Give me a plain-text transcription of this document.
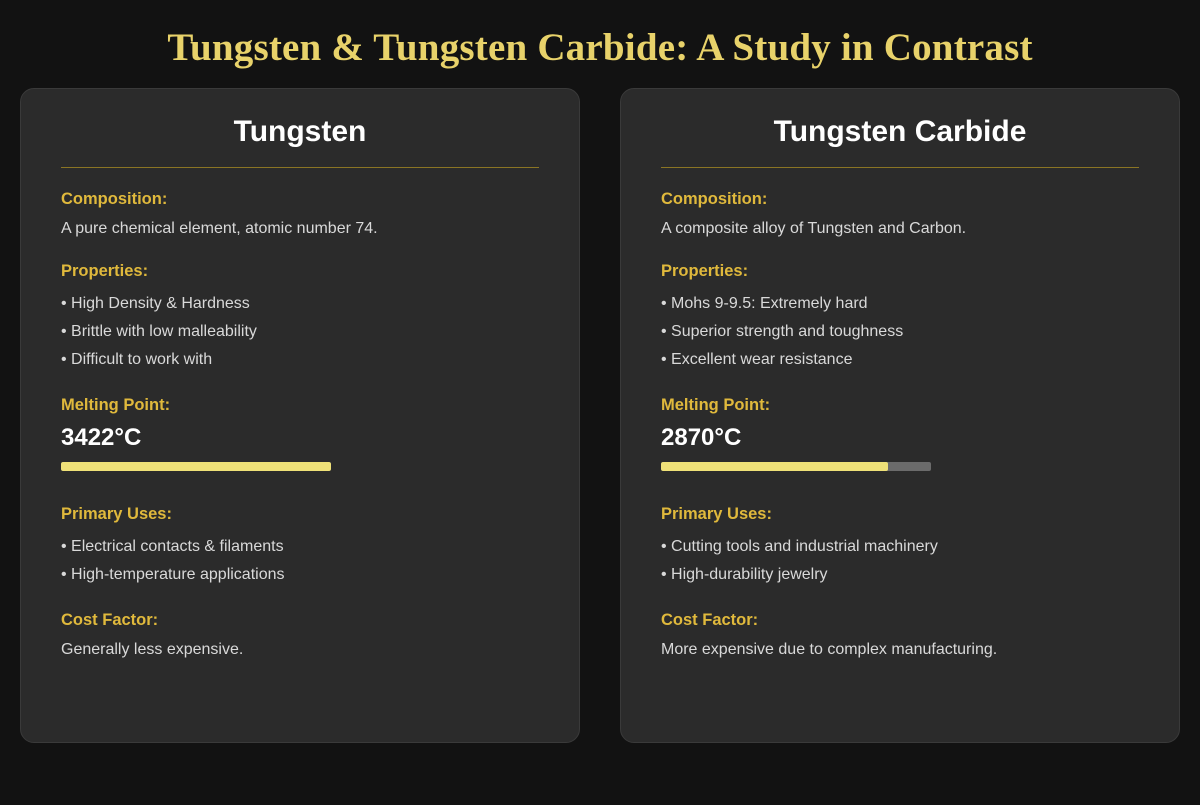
Tungsten & Tungsten Carbide: A Study in Contrast
Tungsten
Composition:
A pure chemical element, atomic number 74.
Properties:
• High Density & Hardness
• Brittle with low malleability
• Difficult to work with
Melting Point:
3422°C
Primary Uses:
• Electrical contacts & filaments
• High-temperature applications
Cost Factor:
Generally less expensive.
Tungsten Carbide
Composition:
A composite alloy of Tungsten and Carbon.
Properties:
• Mohs 9-9.5: Extremely hard
• Superior strength and toughness
• Excellent wear resistance
Melting Point:
2870°C
Primary Uses:
• Cutting tools and industrial machinery
• High-durability jewelry
Cost Factor:
More expensive due to complex manufacturing.
